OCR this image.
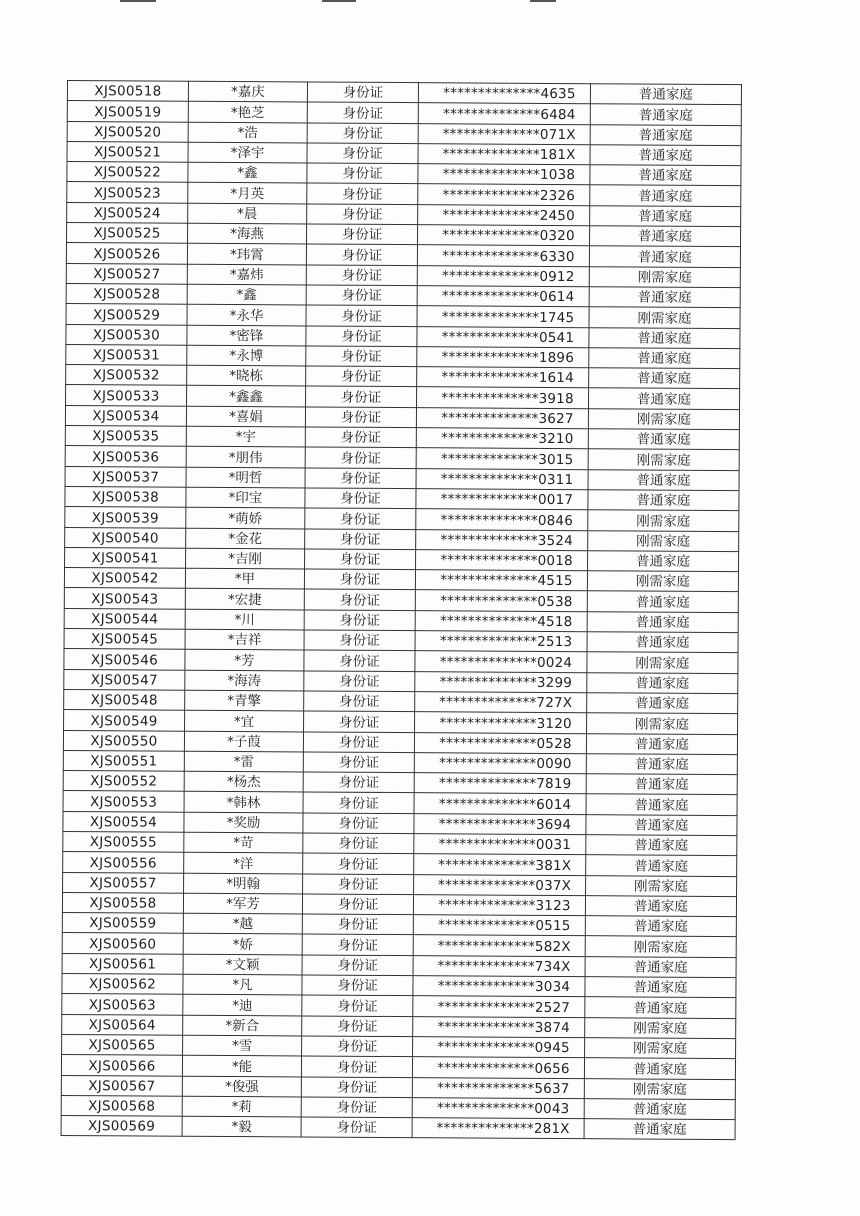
XJS00518	*嘉庆	身份证	**************4635	普通家庭
XJS00519	*艳芝	身份证	**************6484	普通家庭
XJS00520	*浩	身份证	**************071X	普通家庭
XJS00521	*泽宇	身份证	**************181X	普通家庭
XJS00522	*鑫	身份证	**************1038	普通家庭
XJS00523	*月英	身份证	**************2326	普通家庭
XJS00524	*晨	身份证	**************2450	普通家庭
XJS00525	*海燕	身份证	**************0320	普通家庭
XJS00526	*玮霄	身份证	**************6330	普通家庭
XJS00527	*嘉炜	身份证	**************0912	刚需家庭
XJS00528	*鑫	身份证	**************0614	普通家庭
XJS00529	*永华	身份证	**************1745	刚需家庭
XJS00530	*密锋	身份证	**************0541	普通家庭
XJS00531	*永博	身份证	**************1896	普通家庭
XJS00532	*晓栋	身份证	**************1614	普通家庭
XJS00533	*鑫鑫	身份证	**************3918	普通家庭
XJS00534	*喜娟	身份证	**************3627	刚需家庭
XJS00535	*宇	身份证	**************3210	普通家庭
XJS00536	*朋伟	身份证	**************3015	刚需家庭
XJS00537	*明哲	身份证	**************0311	普通家庭
XJS00538	*印宝	身份证	**************0017	普通家庭
XJS00539	*萌娇	身份证	**************0846	刚需家庭
XJS00540	*金花	身份证	**************3524	刚需家庭
XJS00541	*吉刚	身份证	**************0018	普通家庭
XJS00542	*甲	身份证	**************4515	刚需家庭
XJS00543	*宏捷	身份证	**************0538	普通家庭
XJS00544	*川	身份证	**************4518	普通家庭
XJS00545	*吉祥	身份证	**************2513	普通家庭
XJS00546	*芳	身份证	**************0024	刚需家庭
XJS00547	*海涛	身份证	**************3299	普通家庭
XJS00548	*青擎	身份证	**************727X	普通家庭
XJS00549	*宜	身份证	**************3120	刚需家庭
XJS00550	*子葭	身份证	**************0528	普通家庭
XJS00551	*雷	身份证	**************0090	普通家庭
XJS00552	*杨杰	身份证	**************7819	普通家庭
XJS00553	*韩林	身份证	**************6014	普通家庭
XJS00554	*奖励	身份证	**************3694	普通家庭
XJS00555	*苛	身份证	**************0031	普通家庭
XJS00556	*洋	身份证	**************381X	普通家庭
XJS00557	*明翰	身份证	**************037X	刚需家庭
XJS00558	*军芳	身份证	**************3123	普通家庭
XJS00559	*越	身份证	**************0515	普通家庭
XJS00560	*娇	身份证	**************582X	刚需家庭
XJS00561	*文颖	身份证	**************734X	普通家庭
XJS00562	*凡	身份证	**************3034	普通家庭
XJS00563	*迪	身份证	**************2527	普通家庭
XJS00564	*新合	身份证	**************3874	刚需家庭
XJS00565	*雪	身份证	**************0945	刚需家庭
XJS00566	*能	身份证	**************0656	普通家庭
XJS00567	*俊强	身份证	**************5637	刚需家庭
XJS00568	*莉	身份证	**************0043	普通家庭
XJS00569	*毅	身份证	**************281X	普通家庭
